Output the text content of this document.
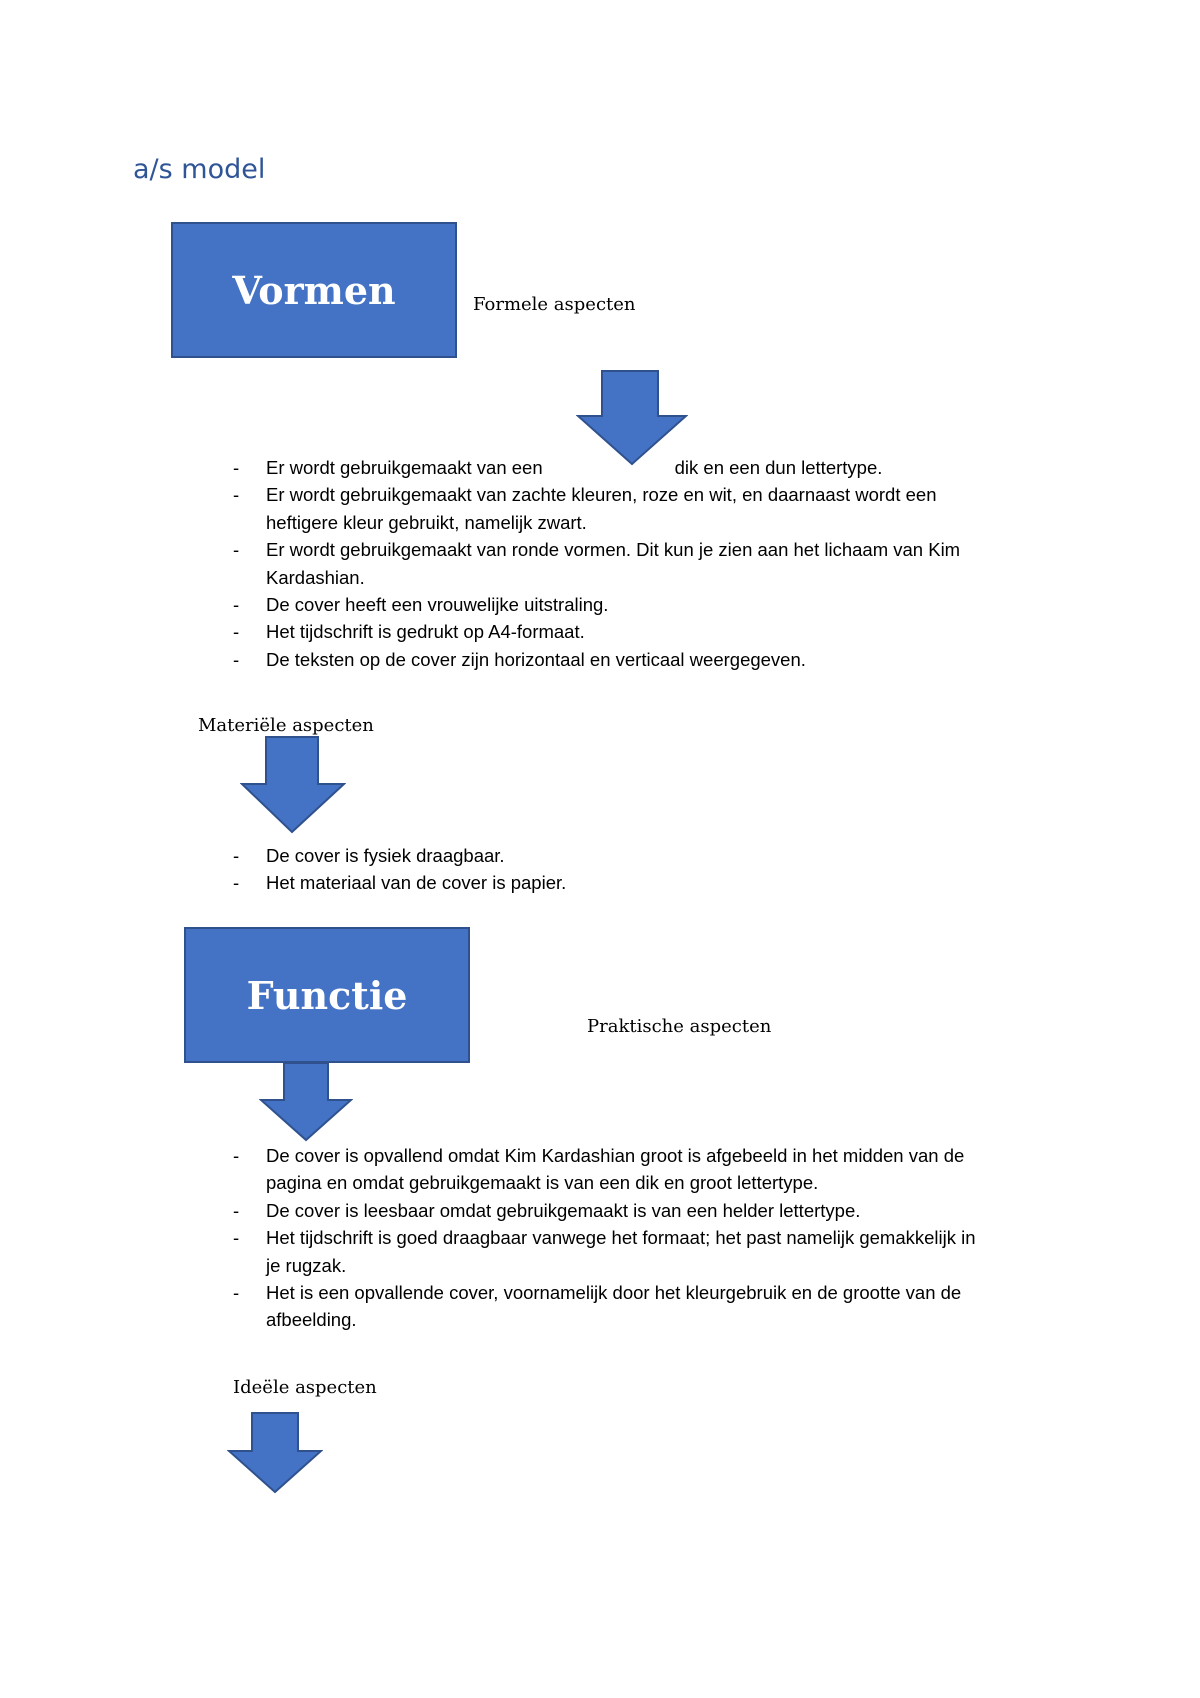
a/s model
Vormen	Formele aspecten
- Er wordt gebruikgemaakt van een	dik en een dun lettertype.
- Er wordt gebruikgemaakt van zachte kleuren, roze en wit, en daarnaast wordt een heftigere kleur gebruikt, namelijk zwart.
- Er wordt gebruikgemaakt van ronde vormen. Dit kun je zien aan het lichaam van Kim Kardashian.
- De cover heeft een vrouwelijke uitstraling.
- Het tijdschrift is gedrukt op A4-formaat.
- De teksten op de cover zijn horizontaal en verticaal weergegeven.
Materiële aspecten
- De cover is fysiek draagbaar.
- Het materiaal van de cover is papier.
Functie
Praktische aspecten
- De cover is opvallend omdat Kim Kardashian groot is afgebeeld in het midden van de pagina en omdat gebruikgemaakt is van een dik en groot lettertype.
- De cover is leesbaar omdat gebruikgemaakt is van een helder lettertype.
- Het tijdschrift is goed draagbaar vanwege het formaat; het past namelijk gemakkelijk in je rugzak.
- Het is een opvallende cover, voornamelijk door het kleurgebruik en de grootte van de afbeelding.
Ideële aspecten
